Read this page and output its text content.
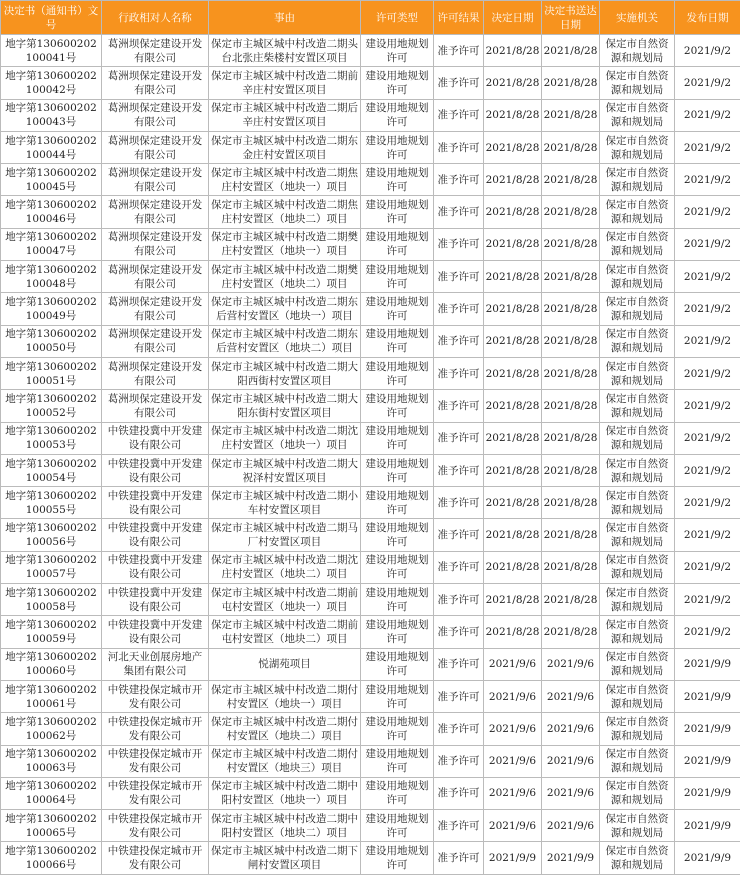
决定书（通知书）文号	行政相对人名称	事由	许可类型	许可结果	决定日期	决定书送达日期	实施机关	发布日期
地字第130600202100041号	葛洲坝保定建设开发有限公司	保定市主城区城中村改造二期头台北张庄柴楼村安置区项目	建设用地规划许可	准予许可	2021/8/28	2021/8/28	保定市自然资源和规划局	2021/9/2
地字第130600202100042号	葛洲坝保定建设开发有限公司	保定市主城区城中村改造二期前辛庄村安置区项目	建设用地规划许可	准予许可	2021/8/28	2021/8/28	保定市自然资源和规划局	2021/9/2
地字第130600202100043号	葛洲坝保定建设开发有限公司	保定市主城区城中村改造二期后辛庄村安置区项目	建设用地规划许可	准予许可	2021/8/28	2021/8/28	保定市自然资源和规划局	2021/9/2
地字第130600202100044号	葛洲坝保定建设开发有限公司	保定市主城区城中村改造二期东金庄村安置区项目	建设用地规划许可	准予许可	2021/8/28	2021/8/28	保定市自然资源和规划局	2021/9/2
地字第130600202100045号	葛洲坝保定建设开发有限公司	保定市主城区城中村改造二期焦庄村安置区（地块一）项目	建设用地规划许可	准予许可	2021/8/28	2021/8/28	保定市自然资源和规划局	2021/9/2
地字第130600202100046号	葛洲坝保定建设开发有限公司	保定市主城区城中村改造二期焦庄村安置区（地块二）项目	建设用地规划许可	准予许可	2021/8/28	2021/8/28	保定市自然资源和规划局	2021/9/2
地字第130600202100047号	葛洲坝保定建设开发有限公司	保定市主城区城中村改造二期樊庄村安置区（地块一）项目	建设用地规划许可	准予许可	2021/8/28	2021/8/28	保定市自然资源和规划局	2021/9/2
地字第130600202100048号	葛洲坝保定建设开发有限公司	保定市主城区城中村改造二期樊庄村安置区（地块二）项目	建设用地规划许可	准予许可	2021/8/28	2021/8/28	保定市自然资源和规划局	2021/9/2
地字第130600202100049号	葛洲坝保定建设开发有限公司	保定市主城区城中村改造二期东后营村安置区（地块一）项目	建设用地规划许可	准予许可	2021/8/28	2021/8/28	保定市自然资源和规划局	2021/9/2
地字第130600202100050号	葛洲坝保定建设开发有限公司	保定市主城区城中村改造二期东后营村安置区（地块二）项目	建设用地规划许可	准予许可	2021/8/28	2021/8/28	保定市自然资源和规划局	2021/9/2
地字第130600202100051号	葛洲坝保定建设开发有限公司	保定市主城区城中村改造二期大阳西街村安置区项目	建设用地规划许可	准予许可	2021/8/28	2021/8/28	保定市自然资源和规划局	2021/9/2
地字第130600202100052号	葛洲坝保定建设开发有限公司	保定市主城区城中村改造二期大阳东街村安置区项目	建设用地规划许可	准予许可	2021/8/28	2021/8/28	保定市自然资源和规划局	2021/9/2
地字第130600202100053号	中铁建投冀中开发建设有限公司	保定市主城区城中村改造二期沈庄村安置区（地块一）项目	建设用地规划许可	准予许可	2021/8/28	2021/8/28	保定市自然资源和规划局	2021/9/2
地字第130600202100054号	中铁建投冀中开发建设有限公司	保定市主城区城中村改造二期大祝泽村安置区项目	建设用地规划许可	准予许可	2021/8/28	2021/8/28	保定市自然资源和规划局	2021/9/2
地字第130600202100055号	中铁建投冀中开发建设有限公司	保定市主城区城中村改造二期小车村安置区项目	建设用地规划许可	准予许可	2021/8/28	2021/8/28	保定市自然资源和规划局	2021/9/2
地字第130600202100056号	中铁建投冀中开发建设有限公司	保定市主城区城中村改造二期马厂村安置区项目	建设用地规划许可	准予许可	2021/8/28	2021/8/28	保定市自然资源和规划局	2021/9/2
地字第130600202100057号	中铁建投冀中开发建设有限公司	保定市主城区城中村改造二期沈庄村安置区（地块二）项目	建设用地规划许可	准予许可	2021/8/28	2021/8/28	保定市自然资源和规划局	2021/9/2
地字第130600202100058号	中铁建投冀中开发建设有限公司	保定市主城区城中村改造二期前屯村安置区（地块一）项目	建设用地规划许可	准予许可	2021/8/28	2021/8/28	保定市自然资源和规划局	2021/9/2
地字第130600202100059号	中铁建投冀中开发建设有限公司	保定市主城区城中村改造二期前屯村安置区（地块二）项目	建设用地规划许可	准予许可	2021/8/28	2021/8/28	保定市自然资源和规划局	2021/9/2
地字第130600202100060号	河北天业创展房地产集团有限公司	悦湖苑项目	建设用地规划许可	准予许可	2021/9/6	2021/9/6	保定市自然资源和规划局	2021/9/9
地字第130600202100061号	中铁建投保定城市开发有限公司	保定市主城区城中村改造二期付村安置区（地块一）项目	建设用地规划许可	准予许可	2021/9/6	2021/9/6	保定市自然资源和规划局	2021/9/9
地字第130600202100062号	中铁建投保定城市开发有限公司	保定市主城区城中村改造二期付村安置区（地块二）项目	建设用地规划许可	准予许可	2021/9/6	2021/9/6	保定市自然资源和规划局	2021/9/9
地字第130600202100063号	中铁建投保定城市开发有限公司	保定市主城区城中村改造二期付村安置区（地块三）项目	建设用地规划许可	准予许可	2021/9/6	2021/9/6	保定市自然资源和规划局	2021/9/9
地字第130600202100064号	中铁建投保定城市开发有限公司	保定市主城区城中村改造二期中阳村安置区（地块一）项目	建设用地规划许可	准予许可	2021/9/6	2021/9/6	保定市自然资源和规划局	2021/9/9
地字第130600202100065号	中铁建投保定城市开发有限公司	保定市主城区城中村改造二期中阳村安置区（地块二）项目	建设用地规划许可	准予许可	2021/9/6	2021/9/6	保定市自然资源和规划局	2021/9/9
地字第130600202100066号	中铁建投保定城市开发有限公司	保定市主城区城中村改造二期下闸村安置区项目	建设用地规划许可	准予许可	2021/9/9	2021/9/9	保定市自然资源和规划局	2021/9/9
